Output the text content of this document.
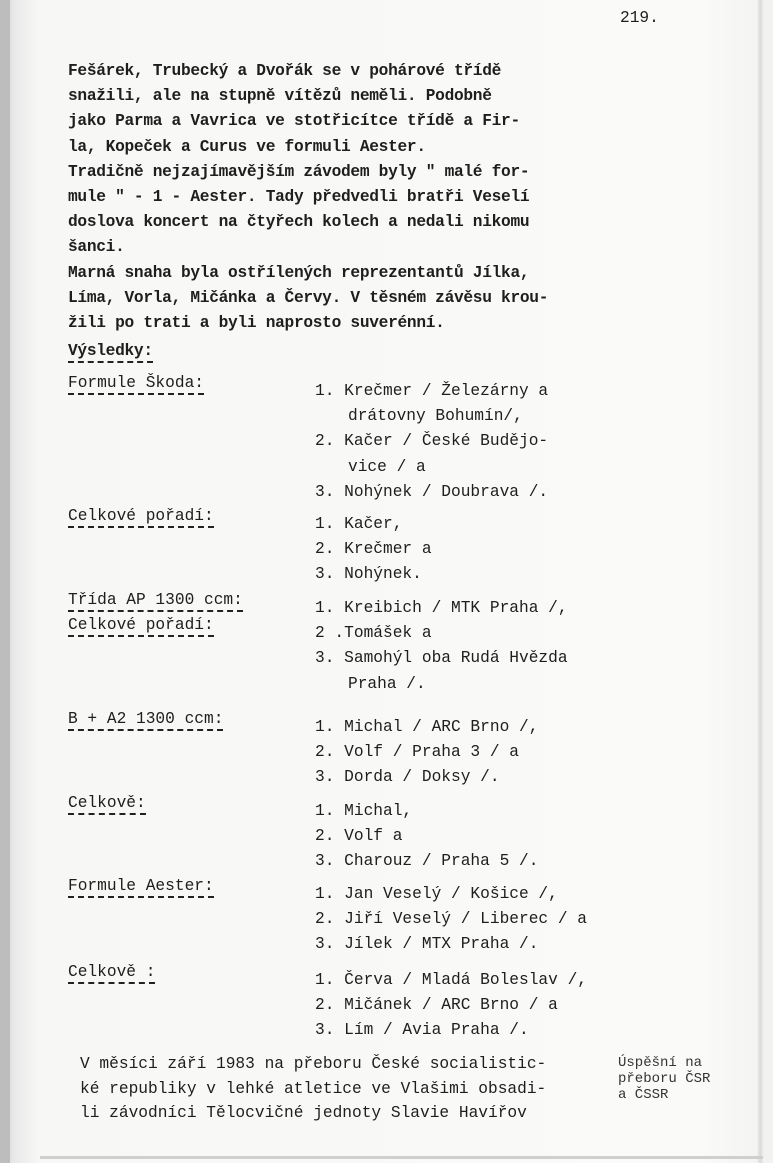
219.
Fešárek, Trubecký a Dvořák se v pohárové třídě
snažili, ale na stupně vítězů neměli. Podobně
jako Parma a Vavrica ve stotřicítce třídě a Fir-
la, Kopeček a Curus ve formuli Aester.
Tradičně nejzajímavějším závodem byly " malé for-
mule " - 1 - Aester. Tady předvedli bratři Veselí
doslova koncert na čtyřech kolech a nedali nikomu
šanci.
Marná snaha byla ostřílených reprezentantů Jílka,
Líma, Vorla, Mičánka a Červy. V těsném závěsu krou-
žili po trati a byli naprosto suverénní.
Výsledky:
Formule Škoda:	1. Krečmer / Železárny a
drátovny Bohumín/,
2. Kačer / České Budějo-
vice / a
3. Nohýnek / Doubrava /.
Celkové pořadí:	1. Kačer,
2. Krečmer a
3. Nohýnek.
Třída AP 1300 ccm:
Celkové pořadí:
1. Kreibich / MTK Praha /,
2 .Tomášek a
3. Samohýl oba Rudá Hvězda
Praha /.
B + A2 1300 ccm:	1. Michal / ARC Brno /,
2. Volf / Praha 3 / a
3. Dorda / Doksy /.
Celkově:	1. Michal,
2. Volf a
3. Charouz / Praha 5 /.
Formule Aester:	1. Jan Veselý / Košice /,
2. Jiří Veselý / Liberec / a
3. Jílek / MTX Praha /.
Celkově :	1. Červa / Mladá Boleslav /,
2. Mičánek / ARC Brno / a
3. Lím / Avia Praha /.
V měsíci září 1983 na přeboru České socialistic-
ké republiky v lehké atletice ve Vlašimi obsadi-
li závodníci Tělocvičné jednoty Slavie Havířov
Úspěšní na
přeboru ČSR
a ČSSR
